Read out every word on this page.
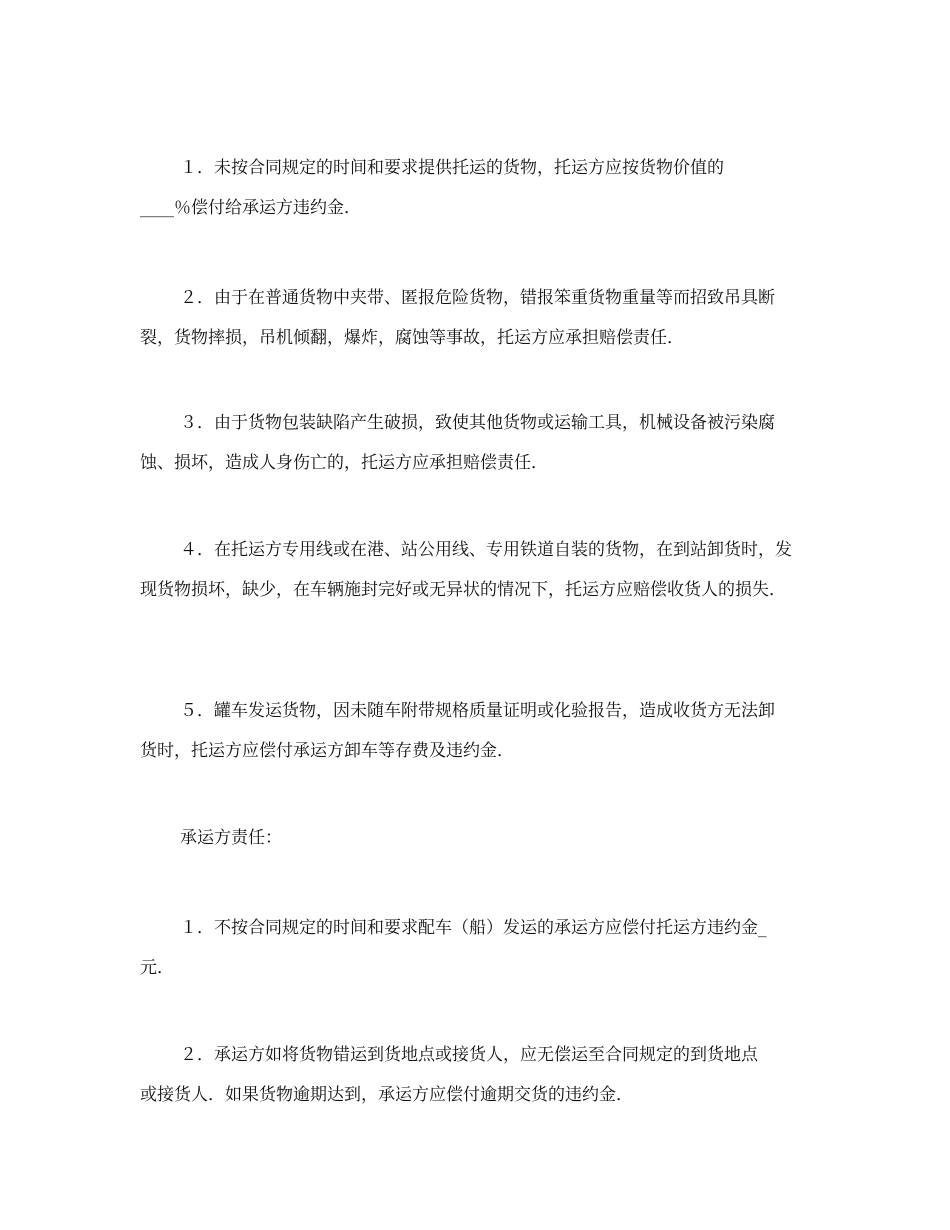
１．未按合同规定的时间和要求提供托运的货物，托运方应按货物价值的
____％偿付给承运方违约金．

２．由于在普通货物中夹带、匿报危险货物，错报笨重货物重量等而招致吊具断
裂，货物摔损，吊机倾翻，爆炸，腐蚀等事故，托运方应承担赔偿责任．

３．由于货物包装缺陷产生破损，致使其他货物或运输工具，机械设备被污染腐
蚀、损坏，造成人身伤亡的，托运方应承担赔偿责任．

４．在托运方专用线或在港、站公用线、专用铁道自装的货物，在到站卸货时，发
现货物损坏，缺少，在车辆施封完好或无异状的情况下，托运方应赔偿收货人的损失．

５．罐车发运货物，因未随车附带规格质量证明或化验报告，造成收货方无法卸
货时，托运方应偿付承运方卸车等存费及违约金．

承运方责任：

１．不按合同规定的时间和要求配车（船）发运的承运方应偿付托运方违约金_
元．

２．承运方如将货物错运到货地点或接货人，应无偿运至合同规定的到货地点
或接货人．如果货物逾期达到，承运方应偿付逾期交货的违约金．
